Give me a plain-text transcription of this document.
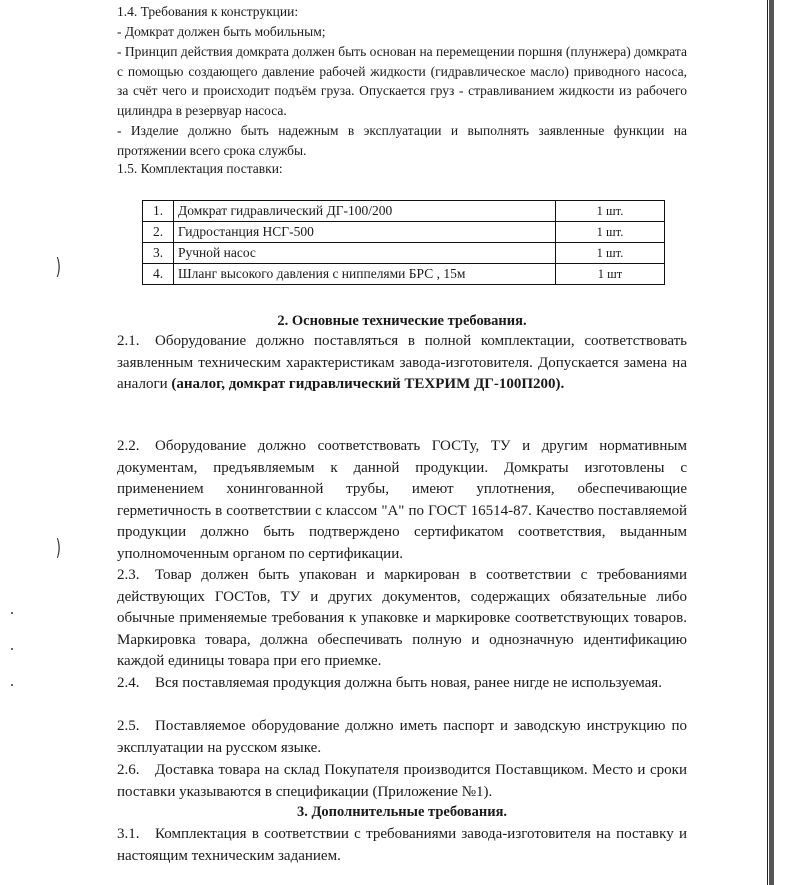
)
)

1.4. Требования к конструкции:

- Домкрат должен быть мобильным;

- Принцип действия домкрата должен быть основан на перемещении поршня (плунжера) домкрата с помощью создающего давление рабочей жидкости (гидравлическое масло) приводного насоса, за счёт чего и происходит подъём груза. Опускается груз - стравливанием жидкости из рабочего цилиндра в резервуар насоса.

- Изделие должно быть надежным в эксплуатации и выполнять заявленные функции на протяжении всего срока службы.

1.5. Комплектация поставки:

1.	Домкрат гидравлический ДГ-100/200	1 шт.
2.	Гидростанция НСГ-500	1 шт.
3.	Ручной насос	1 шт.
4.	Шланг высокого давления с ниппелями БРС , 15м	1 шт
2. Основные технические требования.

2.1. Оборудование должно поставляться в полной комплектации, соответствовать заявленным техническим характеристикам завода-изготовителя. Допускается замена на аналоги (аналог, домкрат гидравлический ТЕХРИМ ДГ-100П200).

2.2. Оборудование должно соответствовать ГОСТу, ТУ и другим нормативным документам, предъявляемым к данной продукции. Домкраты изготовлены с применением хонингованной трубы, имеют уплотнения, обеспечивающие герметичность в соответствии с классом "А" по ГОСТ 16514-87. Качество поставляемой продукции должно быть подтверждено сертификатом соответствия, выданным уполномоченным органом по сертификации.

2.3. Товар должен быть упакован и маркирован в соответствии с требованиями действующих ГОСТов, ТУ и других документов, содержащих обязательные либо обычные применяемые требования к упаковке и маркировке соответствующих товаров. Маркировка товара, должна обеспечивать полную и однозначную идентификацию каждой единицы товара при его приемке.

2.4. Вся поставляемая продукция должна быть новая, ранее нигде не используемая.

2.5. Поставляемое оборудование должно иметь паспорт и заводскую инструкцию по эксплуатации на русском языке.

2.6. Доставка товара на склад Покупателя производится Поставщиком. Место и сроки поставки указываются в спецификации (Приложение №1).

3. Дополнительные требования.

3.1. Комплектация в соответствии с требованиями завода-изготовителя на поставку и настоящим техническим заданием.
